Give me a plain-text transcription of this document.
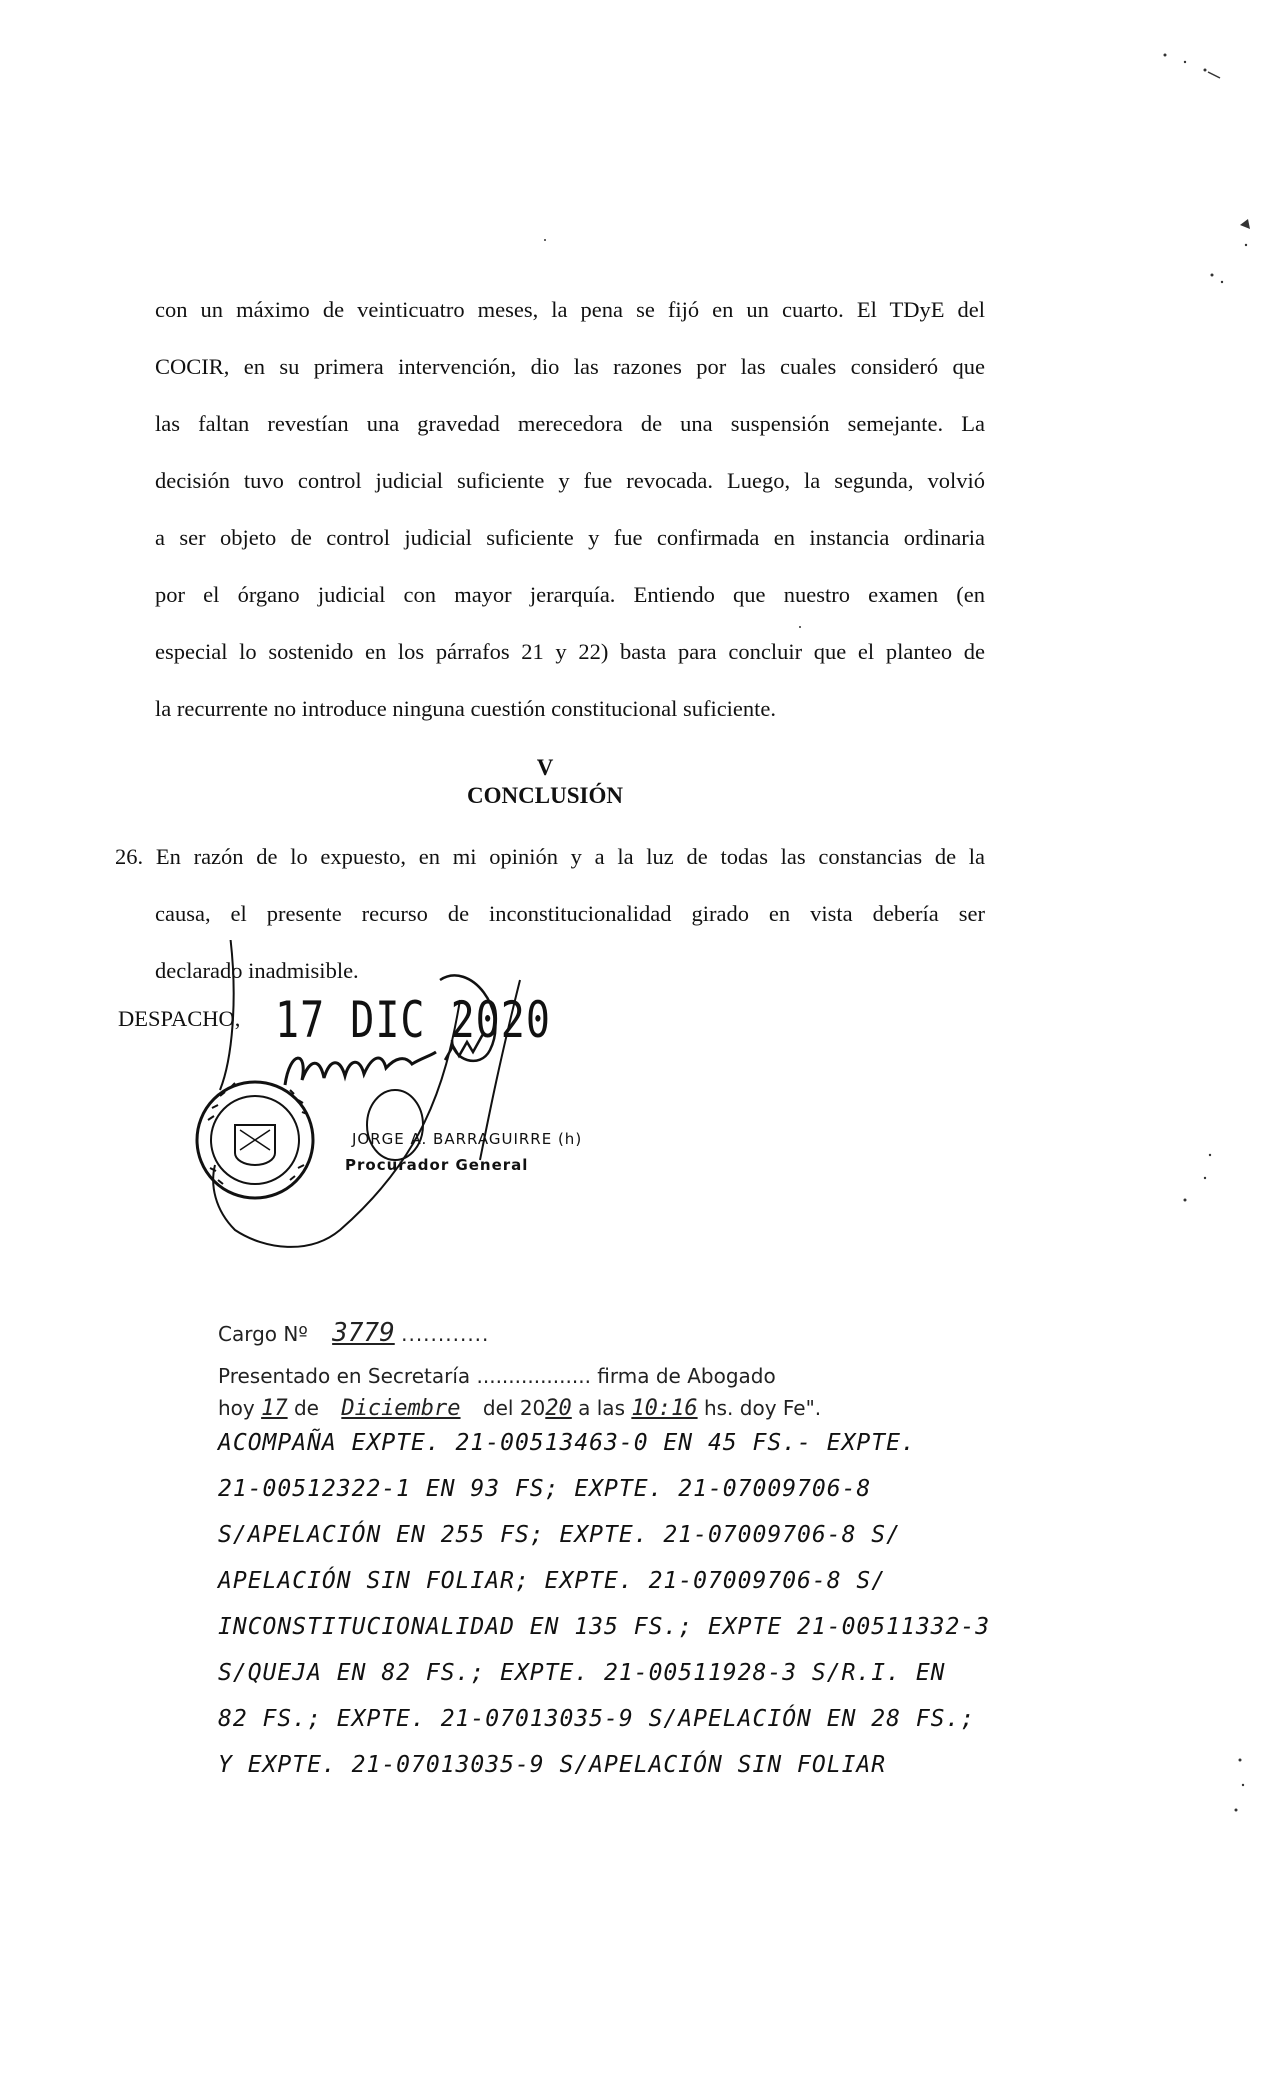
con un máximo de veinticuatro meses, la pena se fijó en un cuarto. El TDyE del
COCIR, en su primera intervención, dio las razones por las cuales consideró que
las faltan revestían una gravedad merecedora de una suspensión semejante. La
decisión tuvo control judicial suficiente y fue revocada. Luego, la segunda, volvió
a ser objeto de control judicial suficiente y fue confirmada en instancia ordinaria
por el órgano judicial con mayor jerarquía. Entiendo que nuestro examen (en
especial lo sostenido en los párrafos 21 y 22) basta para concluir que el planteo de
la recurrente no introduce ninguna cuestión constitucional suficiente.
V
CONCLUSIÓN
26. En razón de lo expuesto, en mi opinión y a la luz de todas las constancias de la
causa, el presente recurso de inconstitucionalidad girado en vista debería ser
declarado inadmisible.
DESPACHO, 17 DIC 2020
JORGE A. BARRAGUIRRE (h)
Procurador General
Cargo Nº 3779 ............
Presentado en Secretaría .................. firma de Abogado
hoy 17 de Diciembre del 2020 a las 10:16 hs. doy Fe".
ACOMPAÑA EXPTE. 21-00513463-0 EN 45 FS.- EXPTE.
21-00512322-1 EN 93 FS; EXPTE. 21-07009706-8
S/APELACIÓN EN 255 FS; EXPTE. 21-07009706-8 S/
APELACIÓN SIN FOLIAR; EXPTE. 21-07009706-8 S/
INCONSTITUCIONALIDAD EN 135 FS.; EXPTE 21-00511332-3
S/QUEJA EN 82 FS.; EXPTE. 21-00511928-3 S/R.I. EN
82 FS.; EXPTE. 21-07013035-9 S/APELACIÓN EN 28 FS.;
Y EXPTE. 21-07013035-9 S/APELACIÓN SIN FOLIAR
